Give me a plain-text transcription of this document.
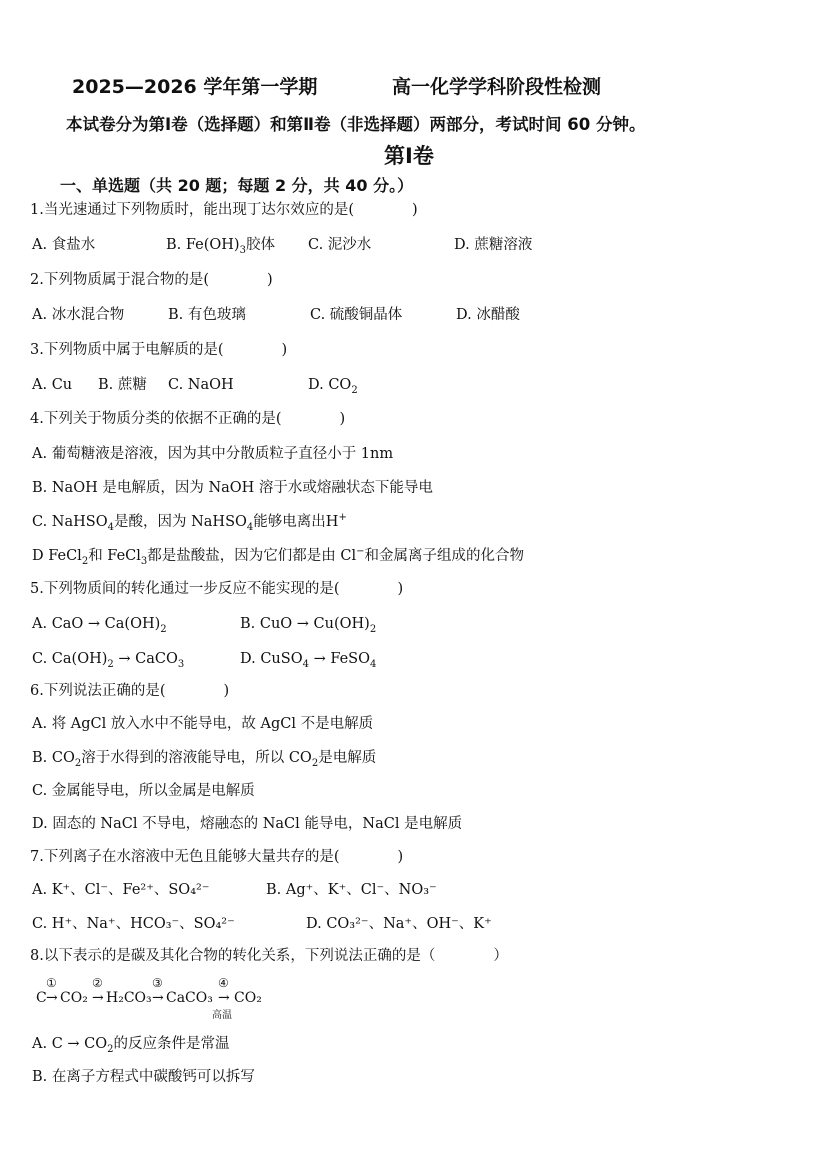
2025—2026 学年第一学期	高一化学学科阶段性检测
本试卷分为第Ⅰ卷（选择题）和第Ⅱ卷（非选择题）两部分，考试时间 60 分钟。
第Ⅰ卷
一、单选题（共 20 题；每题 2 分，共 40 分。）
1.当光速通过下列物质时，能出现丁达尔效应的是(　　　　)
A. 食盐水	B. $Fe(OH)_3$胶体 C. 泥沙水	D. 蔗糖溶液
2.下列物质属于混合物的是(　　　　)
A. 冰水混合物	B. 有色玻璃	C. 硫酸铜晶体	D. 冰醋酸
3.下列物质中属于电解质的是(　　　　)
A. Cu B. 蔗糖 C. NaOH	D. $CO_2$
4.下列关于物质分类的依据不正确的是(　　　　)
A. 葡萄糖液是溶液，因为其中分散质粒子直径小于 1nm
B. NaOH 是电解质，因为 NaOH 溶于水或熔融状态下能导电
C. NaHSO$_4$是酸，因为 NaHSO$_4$能够电离出H+
D FeCl$_2$和 FeCl$_3$都是盐酸盐，因为它们都是由 Cl−和金属离子组成的化合物
5.下列物质间的转化通过一步反应不能实现的是(　　　　)
A. CaO → $Ca(OH)_2$	B. CuO → $Cu(OH)_2$
C. $Ca(OH)_2$ → CaCO$_3$	D. CuSO$_4$ → FeSO$_4$
6.下列说法正确的是(　　　　)
A. 将 AgCl 放入水中不能导电，故 AgCl 不是电解质
B. $CO_2$溶于水得到的溶液能导电，所以 $CO_2$是电解质
C. 金属能导电，所以金属是电解质
D. 固态的 NaCl 不导电，熔融态的 NaCl 能导电，NaCl 是电解质
7.下列离子在水溶液中无色且能够大量共存的是(　　　　)
A. K⁺、Cl⁻、Fe²⁺、SO₄²⁻	B. Ag⁺、K⁺、Cl⁻、NO₃⁻
C. H⁺、Na⁺、HCO₃⁻、SO₄²⁻	D. CO₃²⁻、Na⁺、OH⁻、K⁺
8.以下表示的是碳及其化合物的转化关系，下列说法正确的是（　　　　）
C
①
→ CO₂
②
→ H₂CO₃
③
→ CaCO₃
④
→
高温
CO₂
A. $C \to CO_2$的反应条件是常温
B. 在离子方程式中碳酸钙可以拆写
